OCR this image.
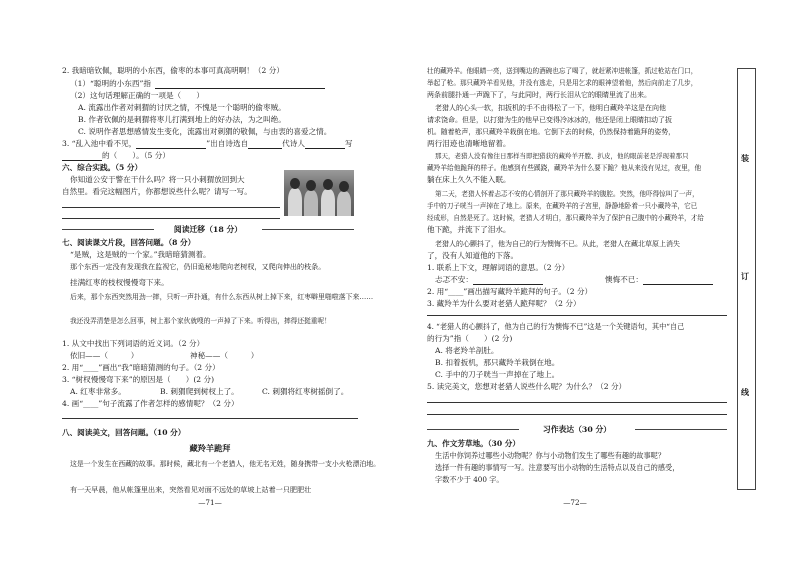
2. 我暗暗钦佩，聪明的小东西，偷枣的本事可真高明啊！（2 分）
（1）“聪明的小东西”指
（2）这句话理解正确的一项是（　　）
A. 流露出作者对刺猬的讨厌之情，不愧是一个聪明的偷枣贼。
B. 作者钦佩的是刺猬将枣儿打满到地上的好办法，为之叫绝。
C. 说明作者思想感情发生变化，流露出对刺猬的敬佩，与由衷的喜爱之情。
3. “乱入池中看不见，	”出自诗选自	代诗人	写
的（　　）。（5 分）
六、综合实践。（5 分）
你知道公安于警在干什么吗？将一只小刺猬放回到大
自然里。看完这幅图片，你都想说些什么呢？请写一写。
阅读迁移（18 分）
七、阅读课文片段，回答问题。（8 分）
“是贼，这是贼的一个家。”我暗暗猜测着。
那个东西一定没有发现我在监视它，仍旧诡秘地爬向老树杈，又爬向伸出的枝条。
挂满红枣的枝杈慢慢弯下来。
后来，那个东西突然用劲一摔，只听一声扑通，有什么东西从树上掉下来，红枣噼里啪啦落下来……
我还没弄清楚是怎么回事，树上那个家伙就嗖的一声掉了下来。听得出，摔得还挺重呢！
1. 从文中找出下列词语的近义词。（2 分）
依旧——（　　　）	神秘——（　　　）
2. 用“____”画出“我”暗暗猜测的句子。（2 分）
3. “树杈慢慢弯下来”的原因是（　　）(2 分)
A. 红枣非常多。	B. 刺猬爬到树杈上了。	C. 刺猬将红枣树摇倒了。
4. 画“____”句子流露了作者怎样的感情呢？（2 分）
八、阅读美文，回答问题。（10 分）
藏羚羊跪拜
这是一个发生在西藏的故事。那时候，藏北有一个老猎人，他无名无姓，随身携带一支小火枪漂泊地。
有一天早晨，他从帐篷里出来，突然看见对面不远处的草坡上站着一只肥肥壮
—71—
壮的藏羚羊。他眼睛一亮，送到嘴边的酒碗也忘了喝了，就赶紧冲进帐篷，抓过枪站在门口，
举起了枪。那只藏羚羊看见他，并没有逃走，只是用乞求的眼神望着他，然后向前走了几步，
两条前腿扑通一声跪下了，与此同时，两行长泪从它的眼睛里流了出来。
老猎人的心头一软，扣扳机的手不由得松了一下，他明白藏羚羊这是在向他
请求饶命。但是，以打猎为生的他早已变得冷冰冰的，他还是闭上眼睛扣动了扳
机。随着枪声，那只藏羚羊栽倒在地。它倒下去的时候，仍然保持着跪拜的姿势，
两行泪迹也清晰地留着。
那天，老猎人没有像往日那样当即把猎获的藏羚羊开膛、扒皮，他的眼前老是浮现着那只
藏羚羊给他跪拜的样子。他感到有些蹊跷，藏羚羊为什么要下跪？他从来没有见过，夜里，他
躺在床上久久不能入眠。
第二天，老猎人怀着忐忑不安的心情剖开了那只藏羚羊的腹腔。突然，他吓得惊叫了一声，
手中的刀子咣当一声掉在了地上。原来，在藏羚羊的子宫里，静静地卧着一只小藏羚羊，它已
经成形，自然是死了。这时候，老猎人才明白，那只藏羚羊为了保护自己腹中的小藏羚羊，才给
他下跪，并流下了泪水。
老猎人的心颤抖了，他为自己的行为懊悔不已。从此，老猎人在藏北草原上消失
了，没有人知道他的下落。
1. 联系上下文，理解词语的意思。（2 分）
忐忑不安：	懊悔不已：
2. 用“____”画出描写藏羚羊跪拜的句子。（2 分）
3. 藏羚羊为什么要对老猎人跪拜呢？（2 分）
4. “老猎人的心颤抖了，他为自己的行为懊悔不已”这是一个关键语句，其中“自己
的行为”指（　　）(2 分)
A. 将老羚羊剖肚。
B. 扣着扳机，那只藏羚羊栽倒在地。
C. 手中的刀子咣当一声掉在了地上。
5. 读完美文，您想对老猎人说些什么呢？为什么？（2 分）
习作表达（30 分）
九、作文芳草地。（30 分）
生活中你饲养过哪些小动物呢？你与小动物们发生了哪些有趣的故事呢？
选择一件有趣的事情写一写。注意要写出小动物的生活特点以及自己的感受，
字数不少于 400 字。
—72—
装
订
线
